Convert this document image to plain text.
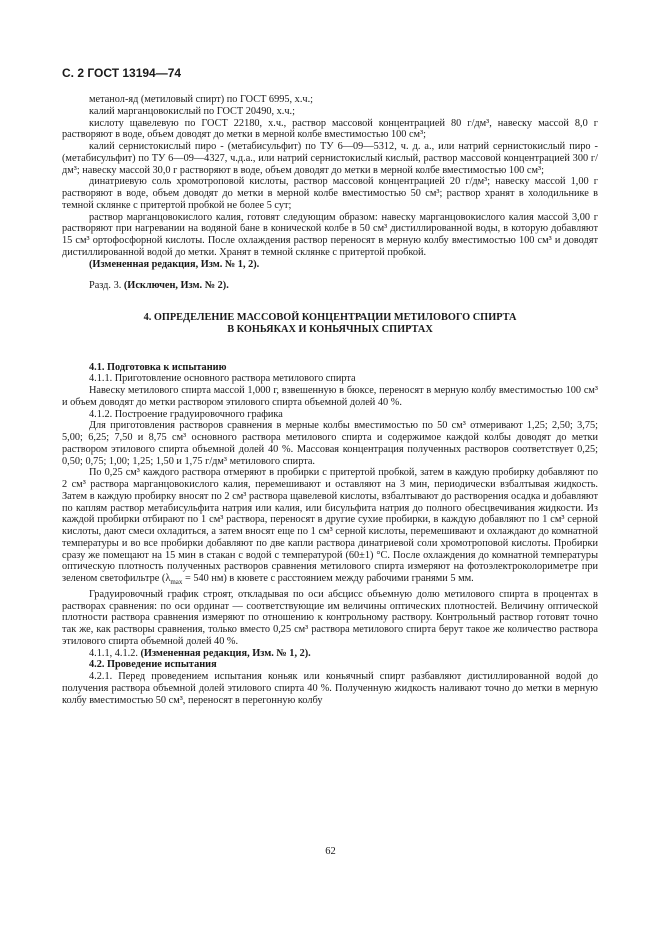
С. 2 ГОСТ 13194—74

метанол-яд (метиловый спирт) по ГОСТ 6995, х.ч.;

калий марганцовокислый по ГОСТ 20490, х.ч.;

кислоту щавелевую по ГОСТ 22180, х.ч., раствор массовой концентрацией 80 г/дм³, навеску массой 8,0 г растворяют в воде, объем доводят до метки в мерной колбе вместимостью 100 см³;

калий сернистокислый пиро - (метабисульфит) по ТУ 6—09—5312, ч. д. а., или натрий сернистокислый пиро - (метабисульфит) по ТУ 6—09—4327, ч.д.а., или натрий сернистокислый кислый, раствор массовой концентрацией 300 г/дм³; навеску массой 30,0 г растворяют в воде, объем доводят до метки в мерной колбе вместимостью 100 см³;

динатриевую соль хромотроповой кислоты, раствор массовой концентрацией 20 г/дм³; навеску массой 1,00 г растворяют в воде, объем доводят до метки в мерной колбе вместимостью 50 см³; раствор хранят в холодильнике в темной склянке с притертой пробкой не более 5 сут;

раствор марганцовокислого калия, готовят следующим образом: навеску марганцовокислого калия массой 3,00 г растворяют при нагревании на водяной бане в конической колбе в 50 см³ дистиллированной воды, в которую добавляют 15 см³ ортофосфорной кислоты. После охлаждения раствор переносят в мерную колбу вместимостью 100 см³ и доводят дистиллированной водой до метки. Хранят в темной склянке с притертой пробкой.

(Измененная редакция, Изм. № 1, 2).

Разд. 3. (Исключен, Изм. № 2).

4. ОПРЕДЕЛЕНИЕ МАССОВОЙ КОНЦЕНТРАЦИИ МЕТИЛОВОГО СПИРТА
В КОНЬЯКАХ И КОНЬЯЧНЫХ СПИРТАХ

4.1. Подготовка к испытанию

4.1.1. Приготовление основного раствора метилового спирта

Навеску метилового спирта массой 1,000 г, взвешенную в бюксе, переносят в мерную колбу вместимостью 100 см³ и объем доводят до метки раствором этилового спирта объемной долей 40 %.

4.1.2. Построение градуировочного графика

Для приготовления растворов сравнения в мерные колбы вместимостью по 50 см³ отмеривают 1,25; 2,50; 3,75; 5,00; 6,25; 7,50 и 8,75 см³ основного раствора метилового спирта и содержимое каждой колбы доводят до метки раствором этилового спирта объемной долей 40 %. Массовая концентрация полученных растворов соответствует 0,25; 0,50; 0,75; 1,00; 1,25; 1,50 и 1,75 г/дм³ метилового спирта.

По 0,25 см³ каждого раствора отмеряют в пробирки с притертой пробкой, затем в каждую пробирку добавляют по 2 см³ раствора марганцовокислого калия, перемешивают и оставляют на 3 мин, периодически взбалтывая жидкость. Затем в каждую пробирку вносят по 2 см³ раствора щавелевой кислоты, взбалтывают до растворения осадка и добавляют по каплям раствор метабисульфита натрия или калия, или бисульфита натрия до полного обесцвечивания жидкости. Из каждой пробирки отбирают по 1 см³ раствора, переносят в другие сухие пробирки, в каждую добавляют по 1 см³ серной кислоты, дают смеси охладиться, а затем вносят еще по 1 см³ серной кислоты, перемешивают и охлаждают до комнатной температуры и во все пробирки добавляют по две капли раствора динатриевой соли хромотроповой кислоты. Пробирки сразу же помещают на 15 мин в стакан с водой с температурой (60±1) °С. После охлаждения до комнатной температуры оптическую плотность полученных растворов сравнения метилового спирта измеряют на фотоэлектроколориметре при зеленом светофильтре ($\lambda_{max} = 540$ нм) в кювете с расстоянием между рабочими гранями 5 мм.

Градуировочный график строят, откладывая по оси абсцисс объемную долю метилового спирта в процентах в растворах сравнения: по оси ординат — соответствующие им величины оптических плотностей. Величину оптической плотности раствора сравнения измеряют по отношению к контрольному раствору. Контрольный раствор готовят точно так же, как растворы сравнения, только вместо 0,25 см³ раствора метилового спирта берут такое же количество раствора этилового спирта объемной долей 40 %.

4.1.1, 4.1.2. (Измененная редакция, Изм. № 1, 2).

4.2. Проведение испытания

4.2.1. Перед проведением испытания коньяк или коньячный спирт разбавляют дистиллированной водой до получения раствора объемной долей этилового спирта 40 %. Полученную жидкость наливают точно до метки в мерную колбу вместимостью 50 см³, переносят в перегонную колбу

62
